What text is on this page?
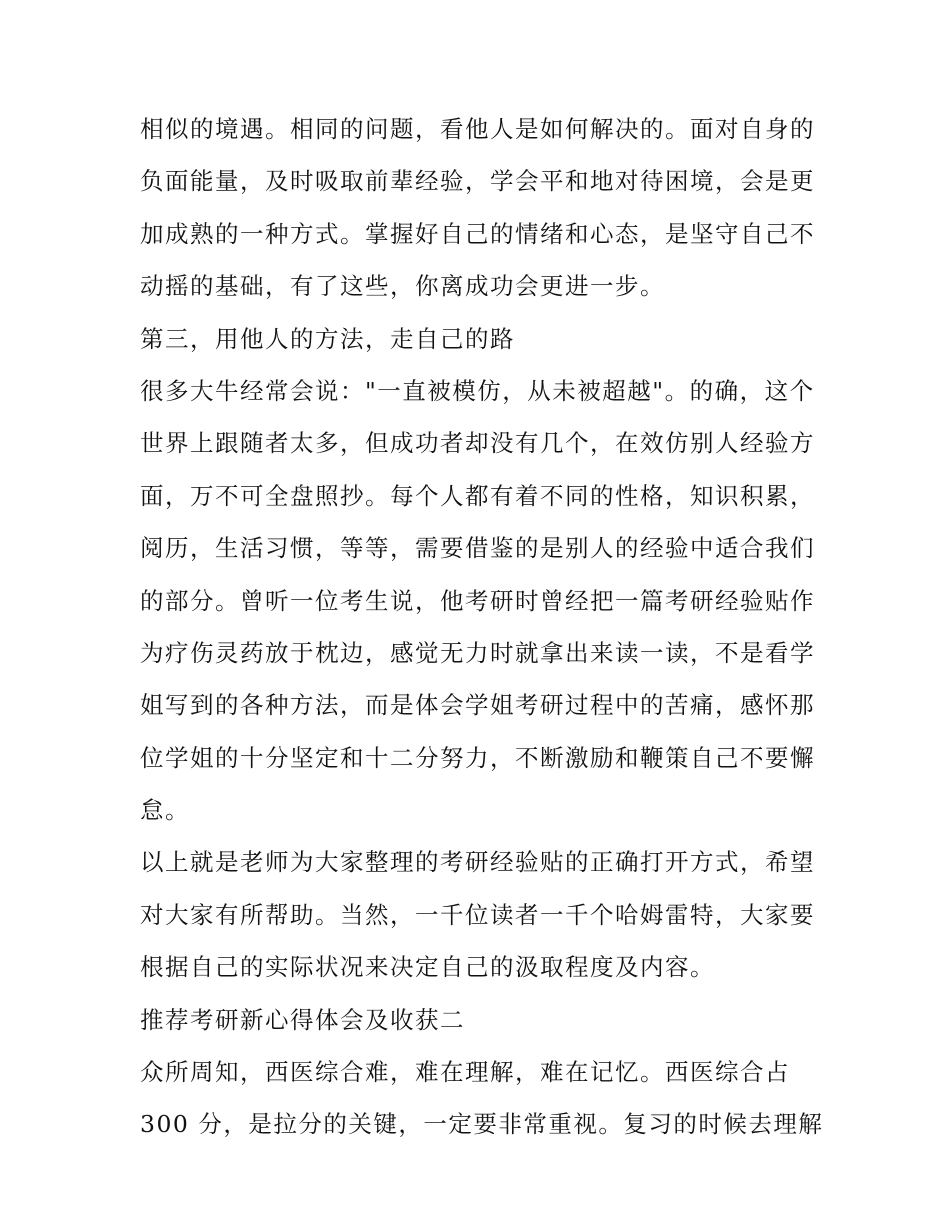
相似的境遇。相同的问题，看他人是如何解决的。面对自身的
负面能量，及时吸取前辈经验，学会平和地对待困境，会是更
加成熟的一种方式。掌握好自己的情绪和心态，是坚守自己不
动摇的基础，有了这些，你离成功会更进一步。
第三，用他人的方法，走自己的路
很多大牛经常会说："一直被模仿，从未被超越"。的确，这个
世界上跟随者太多，但成功者却没有几个，在效仿别人经验方
面，万不可全盘照抄。每个人都有着不同的性格，知识积累，
阅历，生活习惯，等等，需要借鉴的是别人的经验中适合我们
的部分。曾听一位考生说，他考研时曾经把一篇考研经验贴作
为疗伤灵药放于枕边，感觉无力时就拿出来读一读，不是看学
姐写到的各种方法，而是体会学姐考研过程中的苦痛，感怀那
位学姐的十分坚定和十二分努力，不断激励和鞭策自己不要懈
怠。
以上就是老师为大家整理的考研经验贴的正确打开方式，希望
对大家有所帮助。当然，一千位读者一千个哈姆雷特，大家要
根据自己的实际状况来决定自己的汲取程度及内容。
推荐考研新心得体会及收获二
众所周知，西医综合难，难在理解，难在记忆。西医综合占
300 分，是拉分的关键，一定要非常重视。复习的时候去理解
